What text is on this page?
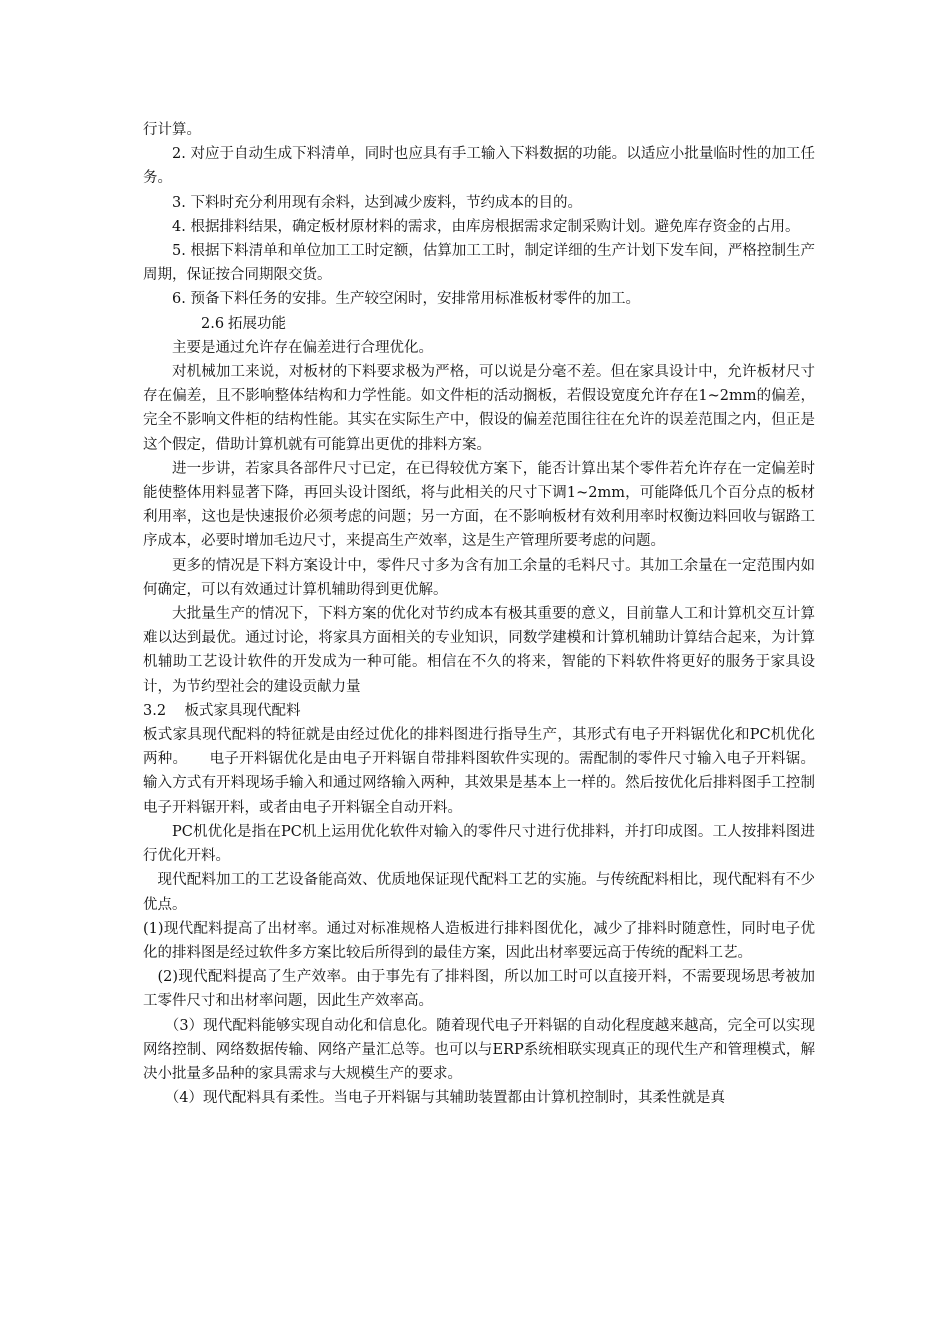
行计算。

2. 对应于自动生成下料清单，同时也应具有手工输入下料数据的功能。以适应小批量临时性的加工任务。

3. 下料时充分利用现有余料，达到减少废料，节约成本的目的。

4. 根据排料结果，确定板材原材料的需求，由库房根据需求定制采购计划。避免库存资金的占用。

5. 根据下料清单和单位加工工时定额，估算加工工时，制定详细的生产计划下发车间，严格控制生产周期，保证按合同期限交货。

6. 预备下料任务的安排。生产较空闲时，安排常用标准板材零件的加工。

2.6 拓展功能

主要是通过允许存在偏差进行合理优化。

对机械加工来说，对板材的下料要求极为严格，可以说是分毫不差。但在家具设计中，允许板材尺寸存在偏差，且不影响整体结构和力学性能。如文件柜的活动搁板，若假设宽度允许存在1~2mm的偏差，完全不影响文件柜的结构性能。其实在实际生产中，假设的偏差范围往往在允许的误差范围之内，但正是这个假定，借助计算机就有可能算出更优的排料方案。

进一步讲，若家具各部件尺寸已定，在已得较优方案下，能否计算出某个零件若允许存在一定偏差时能使整体用料显著下降，再回头设计图纸，将与此相关的尺寸下调1~2mm，可能降低几个百分点的板材利用率，这也是快速报价必须考虑的问题；另一方面，在不影响板材有效利用率时权衡边料回收与锯路工序成本，必要时增加毛边尺寸，来提高生产效率，这是生产管理所要考虑的问题。

更多的情况是下料方案设计中，零件尺寸多为含有加工余量的毛料尺寸。其加工余量在一定范围内如何确定，可以有效通过计算机辅助得到更优解。

大批量生产的情况下，下料方案的优化对节约成本有极其重要的意义，目前靠人工和计算机交互计算难以达到最优。通过讨论，将家具方面相关的专业知识，同数学建模和计算机辅助计算结合起来，为计算机辅助工艺设计软件的开发成为一种可能。相信在不久的将来，智能的下料软件将更好的服务于家具设计，为节约型社会的建设贡献力量

3.2 板式家具现代配料

板式家具现代配料的特征就是由经过优化的排料图进行指导生产，其形式有电子开料锯优化和PC机优化两种。　　电子开料锯优化是由电子开料锯自带排料图软件实现的。需配制的零件尺寸输入电子开料锯。输入方式有开料现场手输入和通过网络输入两种，其效果是基本上一样的。然后按优化后排料图手工控制电子开料锯开料，或者由电子开料锯全自动开料。

PC机优化是指在PC机上运用优化软件对输入的零件尺寸进行优排料，并打印成图。工人按排料图进行优化开料。

现代配料加工的工艺设备能高效、优质地保证现代配料工艺的实施。与传统配料相比，现代配料有不少优点。

(1)现代配料提高了出材率。通过对标准规格人造板进行排料图优化，减少了排料时随意性，同时电子优化的排料图是经过软件多方案比较后所得到的最佳方案，因此出材率要远高于传统的配料工艺。

(2)现代配料提高了生产效率。由于事先有了排料图，所以加工时可以直接开料，不需要现场思考被加工零件尺寸和出材率问题，因此生产效率高。

（3）现代配料能够实现自动化和信息化。随着现代电子开料锯的自动化程度越来越高，完全可以实现网络控制、网络数据传输、网络产量汇总等。也可以与ERP系统相联实现真正的现代生产和管理模式，解决小批量多品种的家具需求与大规模生产的要求。

（4）现代配料具有柔性。当电子开料锯与其辅助装置都由计算机控制时，其柔性就是真
